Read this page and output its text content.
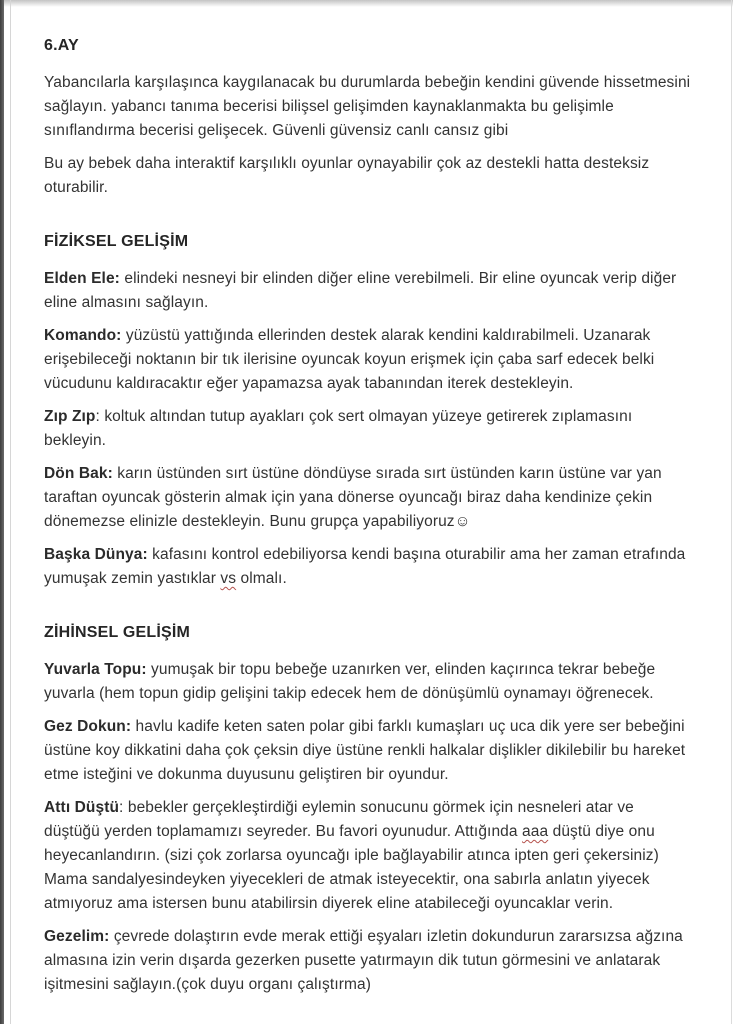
6.AY

Yabancılarla karşılaşınca kaygılanacak bu durumlarda bebeğin kendini güvende hissetmesini sağlayın. yabancı tanıma becerisi bilişsel gelişimden kaynaklanmakta bu gelişimle sınıflandırma becerisi gelişecek. Güvenli güvensiz canlı cansız gibi

Bu ay bebek daha interaktif karşılıklı oyunlar oynayabilir çok az destekli hatta desteksiz oturabilir.

FİZİKSEL GELİŞİM

Elden Ele: elindeki nesneyi bir elinden diğer eline verebilmeli. Bir eline oyuncak verip diğer eline almasını sağlayın.

Komando: yüzüstü yattığında ellerinden destek alarak kendini kaldırabilmeli. Uzanarak erişebileceği noktanın bir tık ilerisine oyuncak koyun erişmek için çaba sarf edecek belki vücudunu kaldıracaktır eğer yapamazsa ayak tabanından iterek destekleyin.

Zıp Zıp: koltuk altından tutup ayakları çok sert olmayan yüzeye getirerek zıplamasını bekleyin.

Dön Bak: karın üstünden sırt üstüne döndüyse sırada sırt üstünden karın üstüne var yan taraftan oyuncak gösterin almak için yana dönerse oyuncağı biraz daha kendinize çekin dönemezse elinizle destekleyin. Bunu grupça yapabiliyoruz☺

Başka Dünya: kafasını kontrol edebiliyorsa kendi başına oturabilir ama her zaman etrafında yumuşak zemin yastıklar vs olmalı.

ZİHİNSEL GELİŞİM

Yuvarla Topu: yumuşak bir topu bebeğe uzanırken ver, elinden kaçırınca tekrar bebeğe yuvarla (hem topun gidip gelişini takip edecek hem de dönüşümlü oynamayı öğrenecek.

Gez Dokun: havlu kadife keten saten polar gibi farklı kumaşları uç uca dik yere ser bebeğini üstüne koy dikkatini daha çok çeksin diye üstüne renkli halkalar dişlikler dikilebilir bu hareket etme isteğini ve dokunma duyusunu geliştiren bir oyundur.

Attı Düştü: bebekler gerçekleştirdiği eylemin sonucunu görmek için nesneleri atar ve düştüğü yerden toplamamızı seyreder. Bu favori oyunudur. Attığında aaa düştü diye onu heyecanlandırın. (sizi çok zorlarsa oyuncağı iple bağlayabilir atınca ipten geri çekersiniz) Mama sandalyesindeyken yiyecekleri de atmak isteyecektir, ona sabırla anlatın yiyecek atmıyoruz ama istersen bunu atabilirsin diyerek eline atabileceği oyuncaklar verin.

Gezelim: çevrede dolaştırın evde merak ettiği eşyaları izletin dokundurun zararsızsa ağzına almasına izin verin dışarda gezerken pusette yatırmayın dik tutun görmesini ve anlatarak işitmesini sağlayın.(çok duyu organı çalıştırma)
